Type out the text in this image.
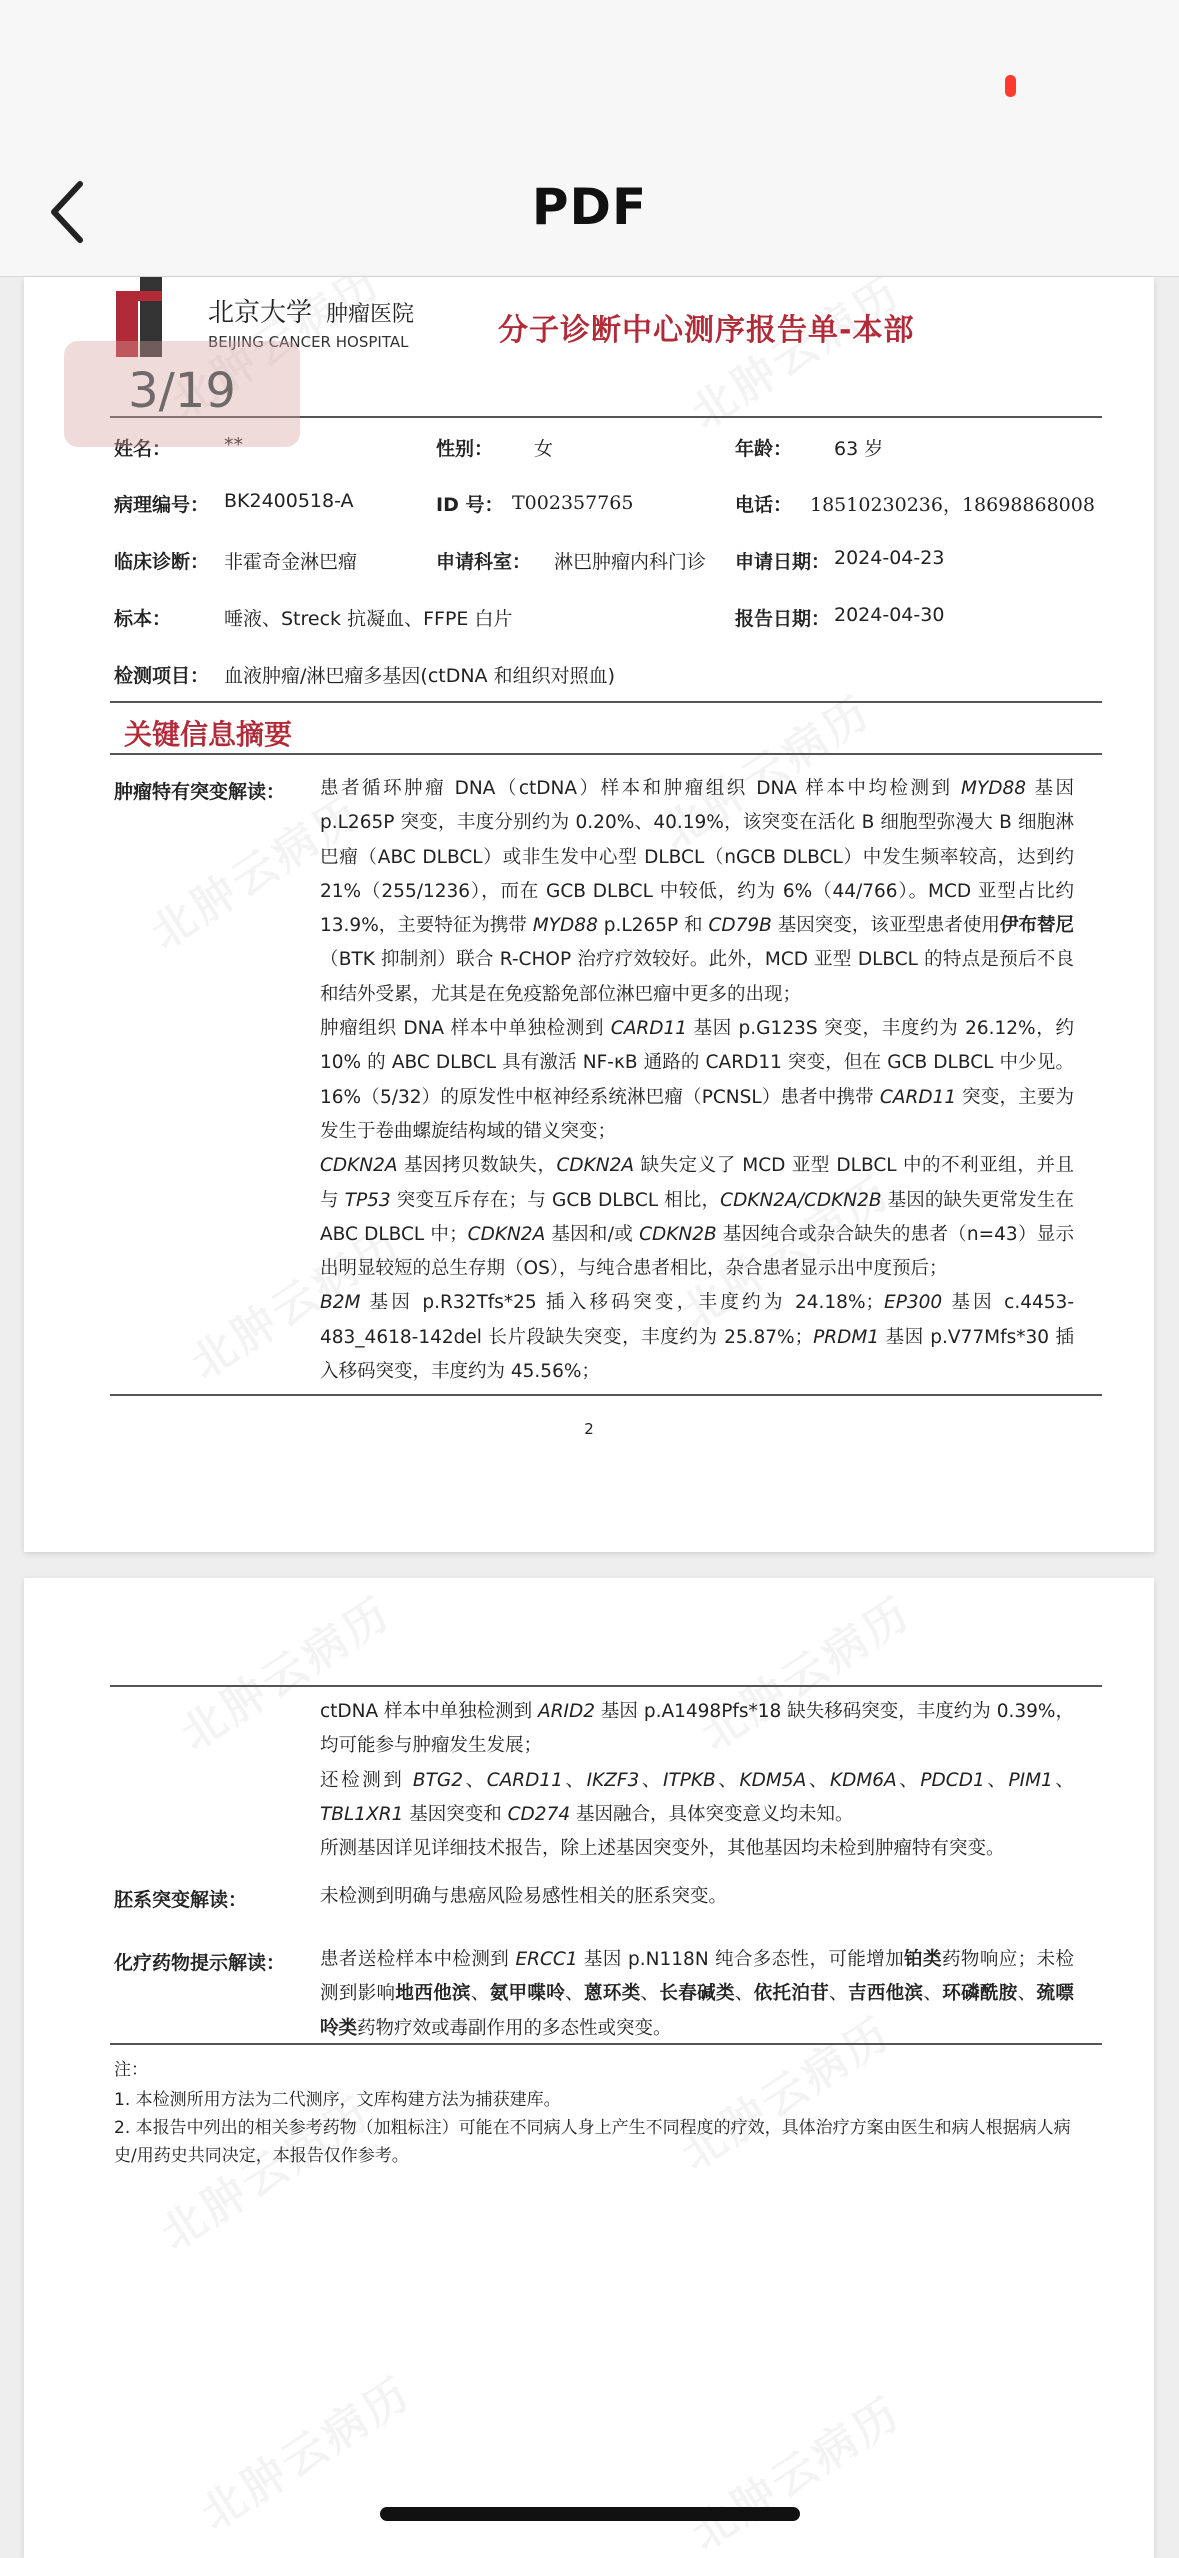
PDF
北京大学 肿瘤医院
BEIJING CANCER HOSPITAL	分子诊断中心测序报告单-本部
姓名：	**	性别： 女	年龄： 63 岁
病理编号： BK2400518-A	ID 号： T002357765	电话： 18510230236，18698868008
临床诊断： 非霍奇金淋巴瘤	申请科室： 淋巴肿瘤内科门诊 申请日期： 2024-04-23
标本：	唾液、Streck 抗凝血、FFPE 白片	报告日期： 2024-04-30
检测项目： 血液肿瘤/淋巴瘤多基因(ctDNA 和组织对照血)
关键信息摘要
肿瘤特有突变解读： 患者循环肿瘤 DNA（ctDNA）样本和肿瘤组织 DNA 样本中均检测到 MYD88 基因 p.L265P 突变，丰度分别约为 0.20%、40.19%，该突变在活化 B 细胞型弥漫大 B 细胞淋巴瘤（ABC DLBCL）或非生发中心型 DLBCL（nGCB DLBCL）中发生频率较高，达到约 21%（255/1236），而在 GCB DLBCL 中较低，约为 6%（44/766）。MCD 亚型占比约 13.9%，主要特征为携带 MYD88 p.L265P 和 CD79B 基因突变，该亚型患者使用伊布替尼（BTK 抑制剂）联合 R-CHOP 治疗疗效较好。此外，MCD 亚型 DLBCL 的特点是预后不良和结外受累，尤其是在免疫豁免部位淋巴瘤中更多的出现；
肿瘤组织 DNA 样本中单独检测到 CARD11 基因 p.G123S 突变，丰度约为 26.12%，约 10% 的 ABC DLBCL 具有激活 NF-κB 通路的 CARD11 突变，但在 GCB DLBCL 中少见。16%（5/32）的原发性中枢神经系统淋巴瘤（PCNSL）患者中携带 CARD11 突变，主要为发生于卷曲螺旋结构域的错义突变；
CDKN2A 基因拷贝数缺失，CDKN2A 缺失定义了 MCD 亚型 DLBCL 中的不利亚组，并且与 TP53 突变互斥存在；与 GCB DLBCL 相比，CDKN2A/CDKN2B 基因的缺失更常发生在 ABC DLBCL 中；CDKN2A 基因和/或 CDKN2B 基因纯合或杂合缺失的患者（n=43）显示出明显较短的总生存期（OS），与纯合患者相比，杂合患者显示出中度预后；
B2M 基因 p.R32Tfs*25 插入移码突变，丰度约为 24.18%；EP300 基因 c.4453-483_4618-142del 长片段缺失突变，丰度约为 25.87%；PRDM1 基因 p.V77Mfs*30 插入移码突变，丰度约为 45.56%；
2
ctDNA 样本中单独检测到 ARID2 基因 p.A1498Pfs*18 缺失移码突变，丰度约为 0.39%，均可能参与肿瘤发生发展；
还检测到 BTG2、CARD11、IKZF3、ITPKB、KDM5A、KDM6A、PDCD1、PIM1、TBL1XR1 基因突变和 CD274 基因融合，具体突变意义均未知。
所测基因详见详细技术报告，除上述基因突变外，其他基因均未检到肿瘤特有突变。
胚系突变解读：	未检测到明确与患癌风险易感性相关的胚系突变。
化疗药物提示解读： 患者送检样本中检测到 ERCC1 基因 p.N118N 纯合多态性，可能增加铂类药物响应；未检测到影响地西他滨、氨甲喋呤、蒽环类、长春碱类、依托泊苷、吉西他滨、环磷酰胺、巯嘌呤类药物疗效或毒副作用的多态性或突变。
注：
1. 本检测所用方法为二代测序，文库构建方法为捕获建库。
2. 本报告中列出的相关参考药物（加粗标注）可能在不同病人身上产生不同程度的疗效，具体治疗方案由医生和病人根据病人病
史/用药史共同决定，本报告仅作参考。
3/19
